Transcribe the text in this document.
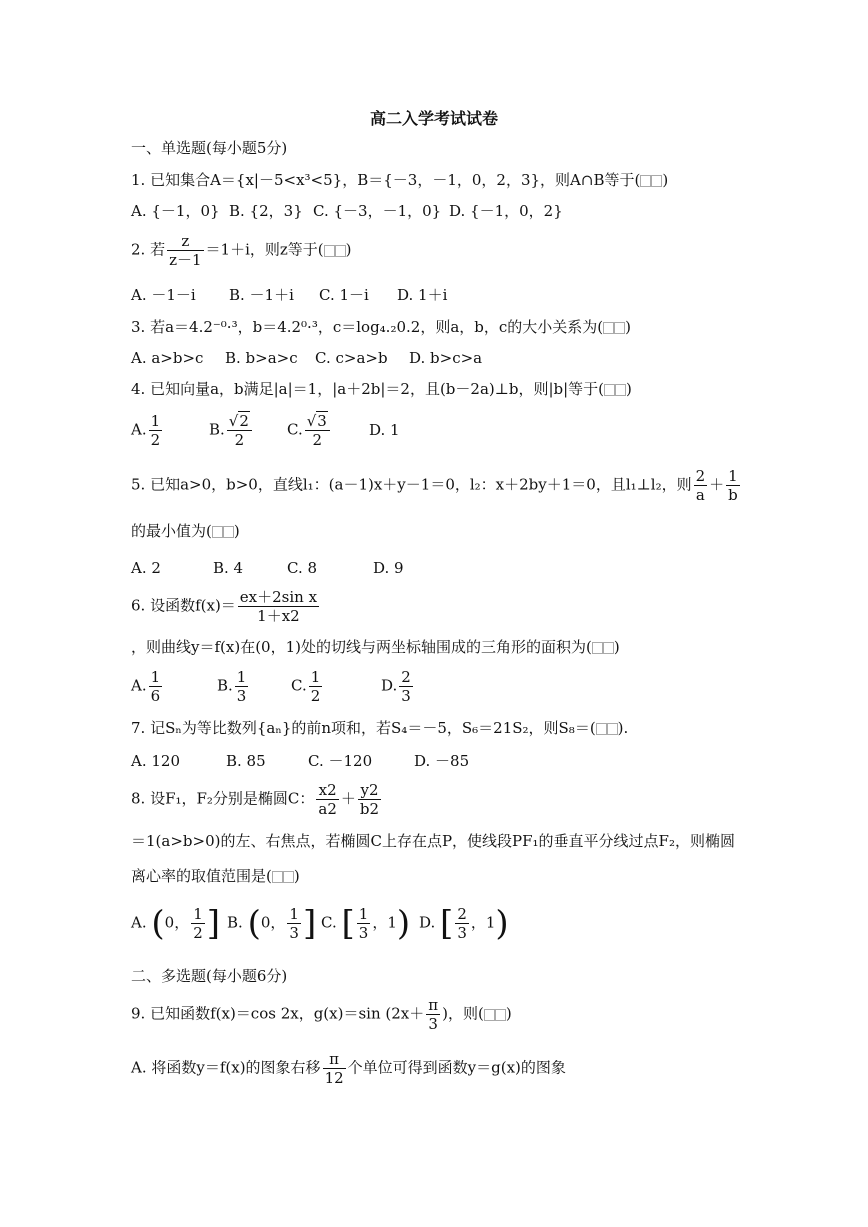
高二入学考试试卷
一、单选题(每小题5分)
1. 已知集合A＝{x|－5<x³<5}，B＝{－3，－1，0，2，3}，则A∩B等于( )
A. {－1，0} B. {2，3} C. {－3，－1，0} D. {－1，0，2}
2. 若 $\frac{z}{z-1} =1+i$，则z等于( )
A. －1－i B. －1＋i C. 1－i D. 1＋i
3. 若a＝4.2⁻⁰·³，b＝4.2⁰·³，c＝log₄.₂0.2，则a，b，c的大小关系为( )
A. a>b>c B. b>a>c C. c>a>b D. b>c>a
4. 已知向量a，b满足|a|＝1，|a＋2b|＝2，且(b－2a)⊥b，则|b|等于( )
A. $\frac{1}{2}$	B. $\frac{√2}{2} C$. $\frac{√3}{2}$	D. 1
5. 已知a>0，b>0，直线l₁：(a－1)x＋y－1＝0，l₂：x＋2by＋1＝0，且l₁⊥l₂，则 $\frac{2}{a} + \frac{1}{b}$
的最小值为( )
A. 2	B. 4	C. 8	D. 9
6. 设函数$f(x)= \frac{\text{ex＋2sin x}}{1+x2}$
，则曲线y＝f(x)在(0，1)处的切线与两坐标轴围成的三角形的面积为( )
A. $\frac{1}{6}$	B. $\frac{1}{3}$	C. $\frac{1}{2}$	D. $\frac{2}{3}$
7. 记Sₙ为等比数列{aₙ}的前n项和，若S₄＝－5，S₆＝21S₂，则S₈＝( ).
A. 120	B. 85	C. －120	D. －85
8. 设F₁，F₂分别是椭圆C： $\frac{x2}{a2} + \frac{y2}{b2}$
＝1(a>b>0)的左、右焦点，若椭圆C上存在点P，使线段PF₁的垂直平分线过点F₂，则椭圆
离心率的取值范围是( )
A. (0， $\frac{1}{2}$ ] B. (0， $\frac{1}{3}$ ] C. [ $\frac{1}{3}$ ，1) D. [ $\frac{2}{3}$ ，1)
二、多选题(每小题6分)
9. 已知函数f(x)＝cos 2x，g(x)＝sin ($2x+ \frac{\pi}{3}$ )，则( )
A. 将函数y＝f(x)的图象右移 $\frac{\pi}{12}$ 个单位可得到函数y＝g(x)的图象
